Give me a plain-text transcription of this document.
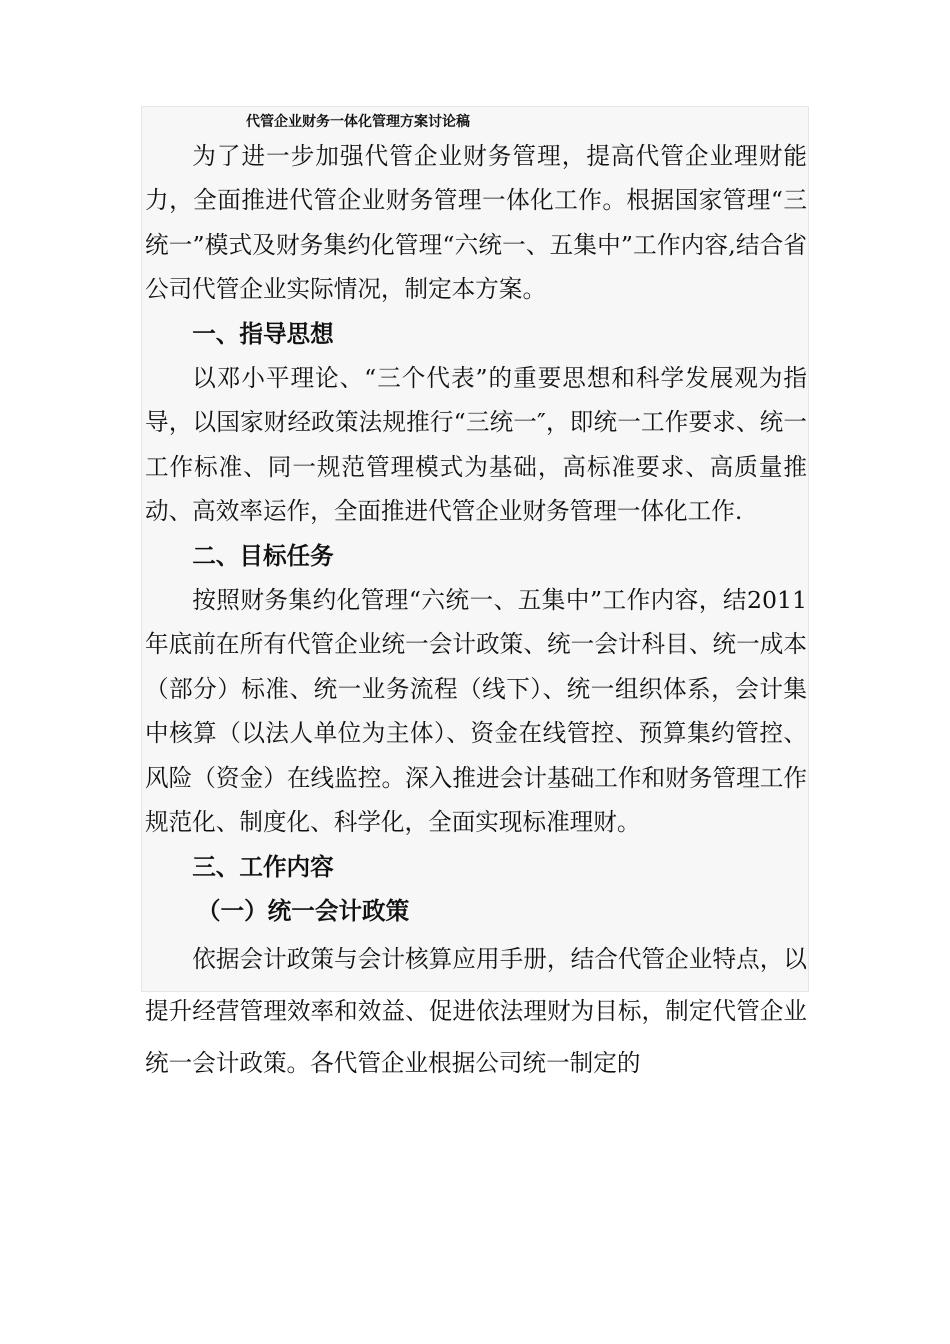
代管企业财务一体化管理方案讨论稿

为了进一步加强代管企业财务管理，提高代管企业理财能力，全面推进代管企业财务管理一体化工作。根据国家管理“三统一”模式及财务集约化管理“六统一、五集中”工作内容,结合省公司代管企业实际情况，制定本方案。

一、指导思想

以邓小平理论、“三个代表”的重要思想和科学发展观为指导，以国家财经政策法规推行“三统一″，即统一工作要求、统一工作标准、同一规范管理模式为基础，高标准要求、高质量推动、高效率运作，全面推进代管企业财务管理一体化工作.

二、目标任务

按照财务集约化管理“六统一、五集中”工作内容，结2011年底前在所有代管企业统一会计政策、统一会计科目、统一成本（部分）标准、统一业务流程（线下）、统一组织体系，会计集中核算（以法人单位为主体）、资金在线管控、预算集约管控、风险（资金）在线监控。深入推进会计基础工作和财务管理工作规范化、制度化、科学化，全面实现标准理财。

三、工作内容

（一）统一会计政策

依据会计政策与会计核算应用手册，结合代管企业特点，以提升经营管理效率和效益、促进依法理财为目标，制定代管企业统一会计政策。各代管企业根据公司统一制定的
